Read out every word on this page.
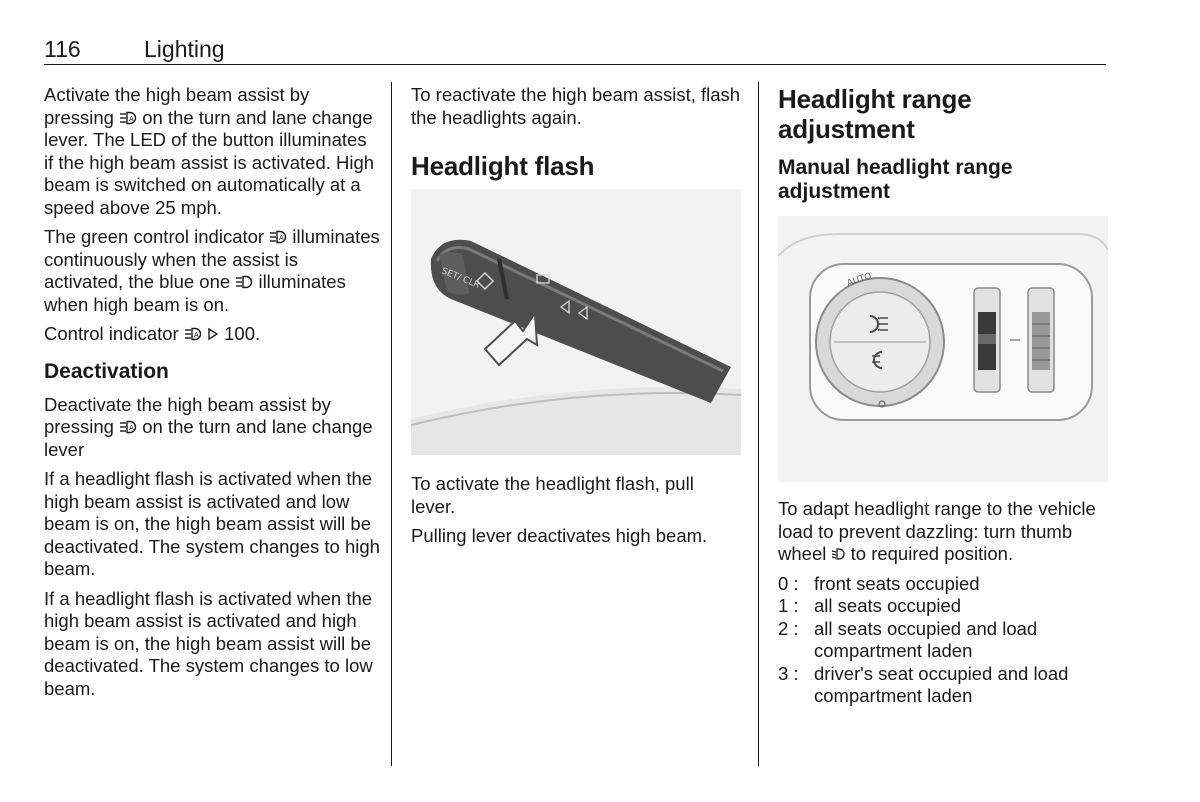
116	Lighting

Activate the high beam assist by pressing A on the turn and lane change lever. The LED of the button illuminates if the high beam assist is activated. High beam is switched on automatically at a speed above 25 mph.

The green control indicator A illuminates continuously when the assist is activated, the blue one  illuminates when high beam is on.

Control indicator A 100.

Deactivation

Deactivate the high beam assist by pressing A on the turn and lane change lever

If a headlight flash is activated when the high beam assist is activated and low beam is on, the high beam assist will be deactivated. The system changes to high beam.

If a headlight flash is activated when the high beam assist is activated and high beam is on, the high beam assist will be deactivated. The system changes to low beam.

To reactivate the high beam assist, flash the headlights again.

Headlight flash
SET/ CLR

To activate the headlight flash, pull lever.

Pulling lever deactivates high beam.

Headlight range adjustment
Manual headlight range adjustment
AUTO

To adapt headlight range to the vehicle load to prevent dazzling: turn thumb wheel  to required position.

0 : front seats occupied
1 : all seats occupied
2 : all seats occupied and load compartment laden
3 : driver's seat occupied and load compartment laden
